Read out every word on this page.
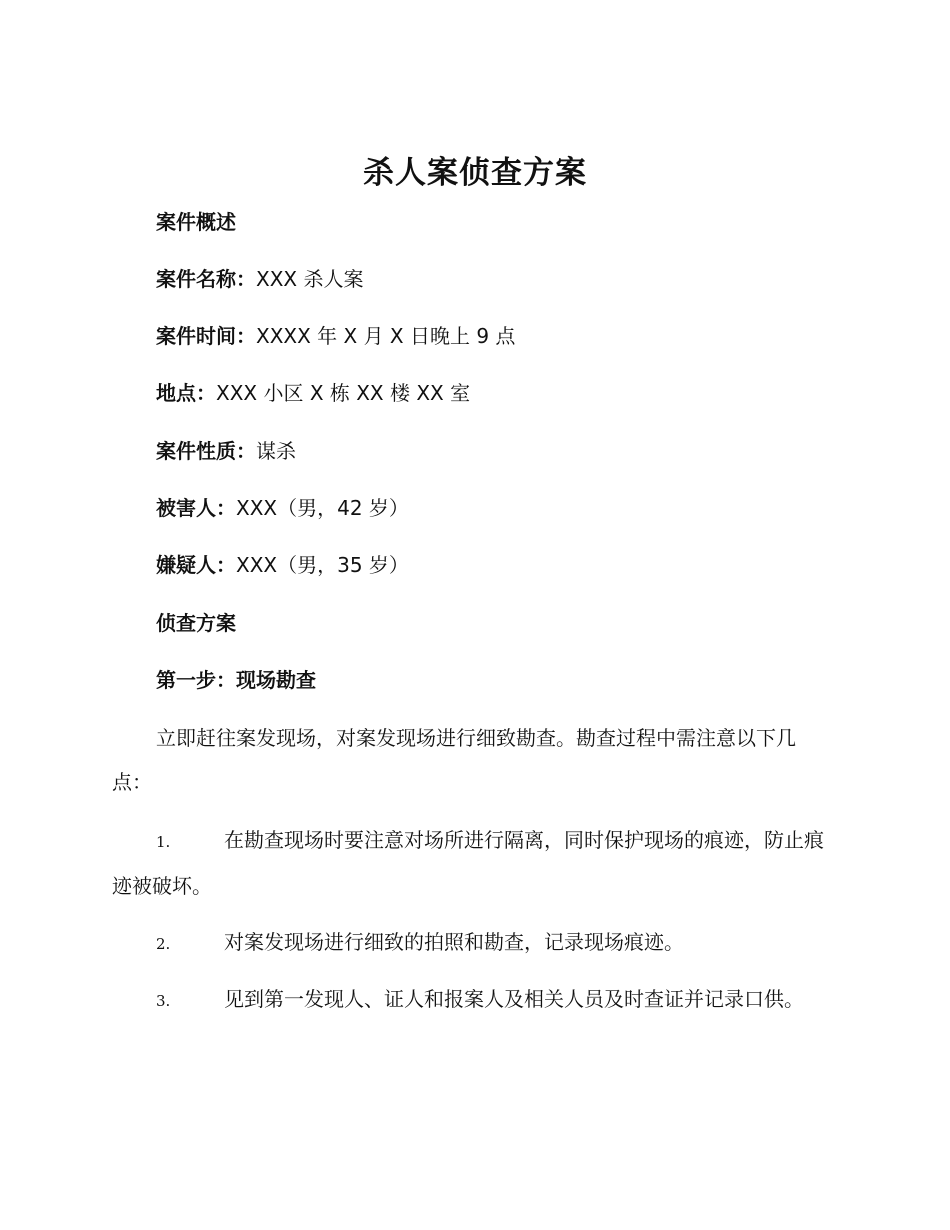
杀人案侦查方案
案件概述
案件名称：XXX 杀人案
案件时间：XXXX 年 X 月 X 日晚上 9 点
地点：XXX 小区 X 栋 XX 楼 XX 室
案件性质：谋杀
被害人：XXX（男，42 岁）
嫌疑人：XXX（男，35 岁）
侦查方案
第一步：现场勘查
立即赶往案发现场，对案发现场进行细致勘查。勘查过程中需注意以下几点：
1.	在勘查现场时要注意对场所进行隔离，同时保护现场的痕迹，防止痕迹被破坏。
2.	对案发现场进行细致的拍照和勘查，记录现场痕迹。
3.	见到第一发现人、证人和报案人及相关人员及时查证并记录口供。
